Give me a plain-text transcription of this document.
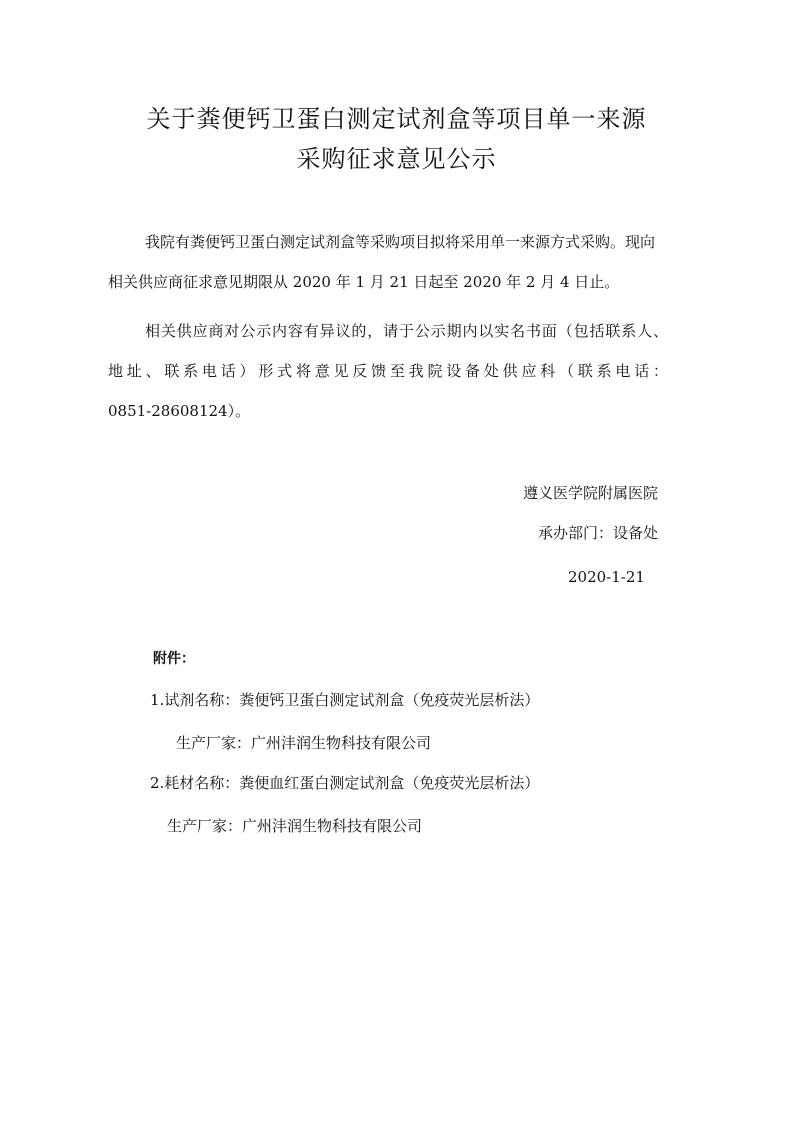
关于粪便钙卫蛋白测定试剂盒等项目单一来源
采购征求意见公示
我院有粪便钙卫蛋白测定试剂盒等采购项目拟将采用单一来源方式采购。现向相关供应商征求意见期限从 2020 年 1 月 21 日起至 2020 年 2 月 4 日止。
相关供应商对公示内容有异议的，请于公示期内以实名书面（包括联系人、
地址、联系电话）形式将意见反馈至我院设备处供应科（联系电话：
0851-28608124）。
遵义医学院附属医院
承办部门：设备处
2020-1-21
附件：
1.试剂名称：粪便钙卫蛋白测定试剂盒（免疫荧光层析法）
生产厂家：广州沣润生物科技有限公司
2.耗材名称：粪便血红蛋白测定试剂盒（免疫荧光层析法）
生产厂家：广州沣润生物科技有限公司
